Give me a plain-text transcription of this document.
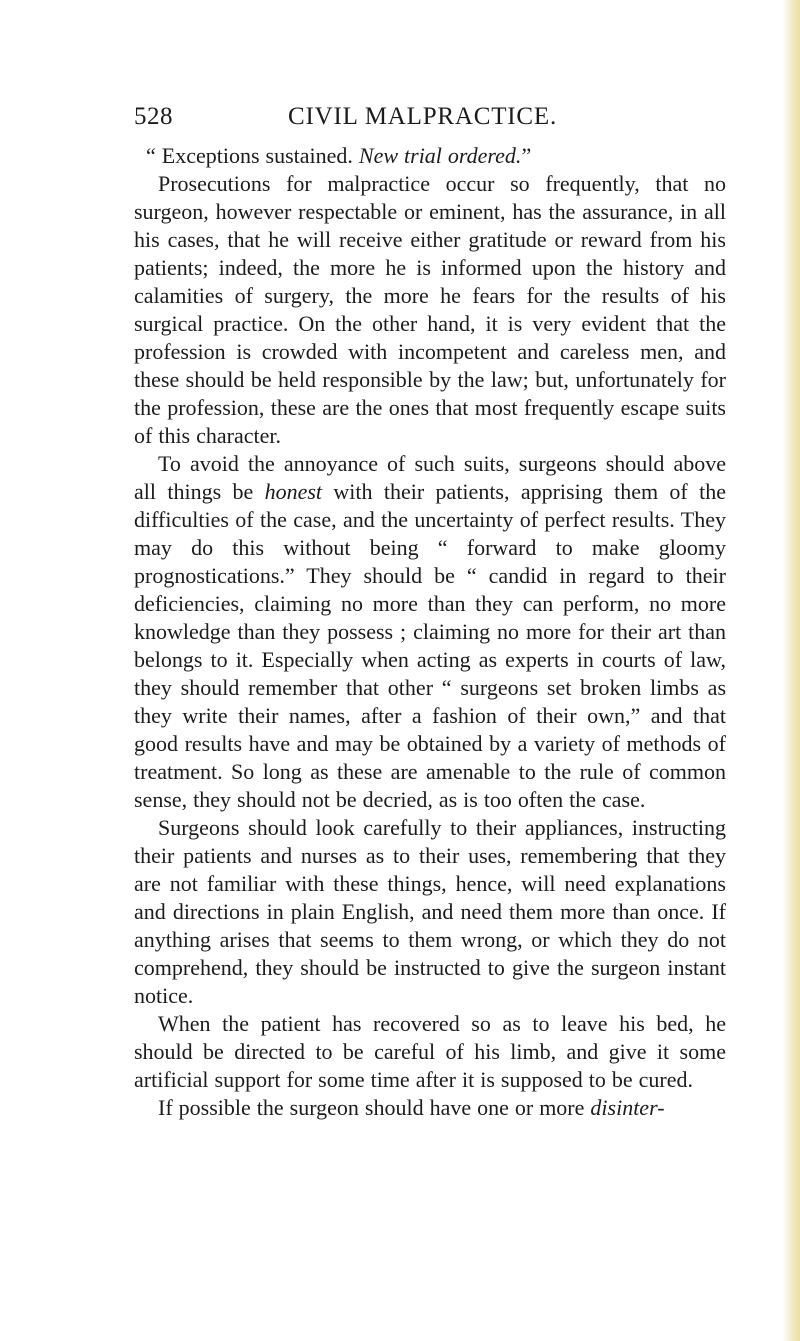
528	CIVIL MALPRACTICE.

“ Exceptions sustained. New trial ordered.”

Prosecutions for malpractice occur so frequently, that no surgeon, however respectable or eminent, has the assurance, in all his cases, that he will receive either gratitude or reward from his patients; indeed, the more he is informed upon the history and calamities of surgery, the more he fears for the results of his surgical practice. On the other hand, it is very evident that the profession is crowded with incompetent and careless men, and these should be held responsible by the law; but, unfortunately for the profession, these are the ones that most frequently escape suits of this character.

To avoid the annoyance of such suits, surgeons should above all things be honest with their patients, apprising them of the difficulties of the case, and the uncertainty of perfect results. They may do this without being “ forward to make gloomy prognostications.” They should be “ candid in regard to their deficiencies, claiming no more than they can perform, no more knowledge than they possess ; claiming no more for their art than belongs to it. Especially when acting as experts in courts of law, they should remember that other “ surgeons set broken limbs as they write their names, after a fashion of their own,” and that good results have and may be obtained by a variety of methods of treatment. So long as these are amenable to the rule of common sense, they should not be decried, as is too often the case.

Surgeons should look carefully to their appliances, instructing their patients and nurses as to their uses, remembering that they are not familiar with these things, hence, will need explanations and directions in plain English, and need them more than once. If anything arises that seems to them wrong, or which they do not comprehend, they should be instructed to give the surgeon instant notice.

When the patient has recovered so as to leave his bed, he should be directed to be careful of his limb, and give it some artificial support for some time after it is supposed to be cured.

If possible the surgeon should have one or more disinter-
